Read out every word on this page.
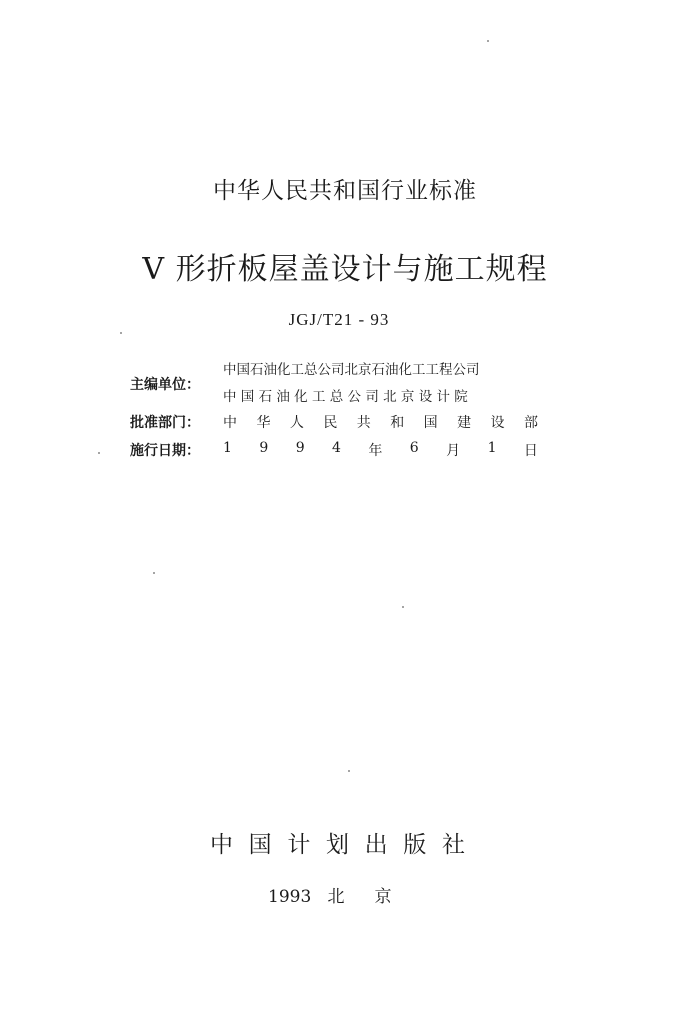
中华人民共和国行业标准
V 形折板屋盖设计与施工规程
JGJ/T21 - 93
主编单位：
中国石油化工总公司北京石油化工工程公司
中 国 石 油 化 工 总 公 司 北 京 设 计 院
批准部门： 中 华 人 民 共 和 国 建 设 部
施行日期： 1 9 9 4 年 6 月 1 日
中 国 计 划 出 版 社
1993 北 京
